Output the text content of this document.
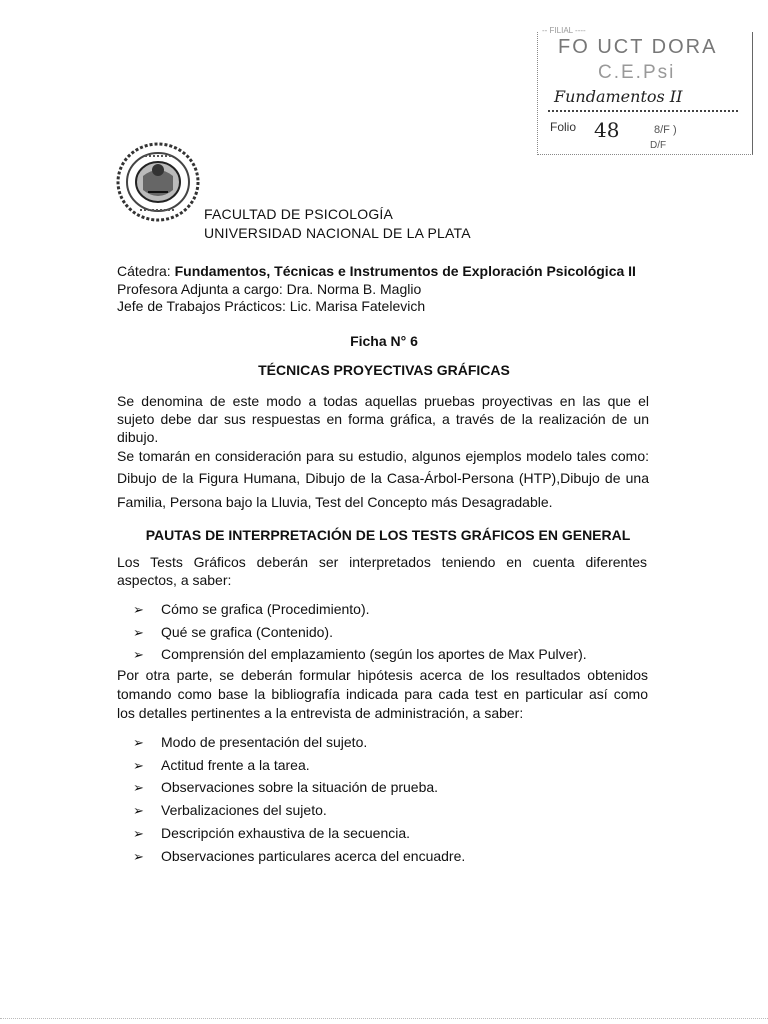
-- FILIAL ----
FO UCT DORA
C.E.Psi
Fundamentos II
Folio 48	8/F )
D/F
FACULTAD DE PSICOLOGÍA
UNIVERSIDAD NACIONAL DE LA PLATA
Cátedra: Fundamentos, Técnicas e Instrumentos de Exploración Psicológica II
Profesora Adjunta a cargo: Dra. Norma B. Maglio
Jefe de Trabajos Prácticos: Lic. Marisa Fatelevich
Ficha N° 6
TÉCNICAS PROYECTIVAS GRÁFICAS
Se denomina de este modo a todas aquellas pruebas proyectivas en las que el
sujeto debe dar sus respuestas en forma gráfica, a través de la realización de un
dibujo.
Se tomarán en consideración para su estudio, algunos ejemplos modelo tales como:
Dibujo de la Figura Humana, Dibujo de la Casa-Árbol-Persona (HTP),Dibujo de una
Familia, Persona bajo la Lluvia, Test del Concepto más Desagradable.
PAUTAS DE INTERPRETACIÓN DE LOS TESTS GRÁFICOS EN GENERAL
Los Tests Gráficos deberán ser interpretados teniendo en cuenta diferentes
aspectos, a saber:
➢ Cómo se grafica (Procedimiento).
➢ Qué se grafica (Contenido).
➢ Comprensión del emplazamiento (según los aportes de Max Pulver).
Por otra parte, se deberán formular hipótesis acerca de los resultados obtenidos
tomando como base la bibliografía indicada para cada test en particular así como
los detalles pertinentes a la entrevista de administración, a saber:
➢ Modo de presentación del sujeto.
➢ Actitud frente a la tarea.
➢ Observaciones sobre la situación de prueba.
➢ Verbalizaciones del sujeto.
➢ Descripción exhaustiva de la secuencia.
➢ Observaciones particulares acerca del encuadre.
